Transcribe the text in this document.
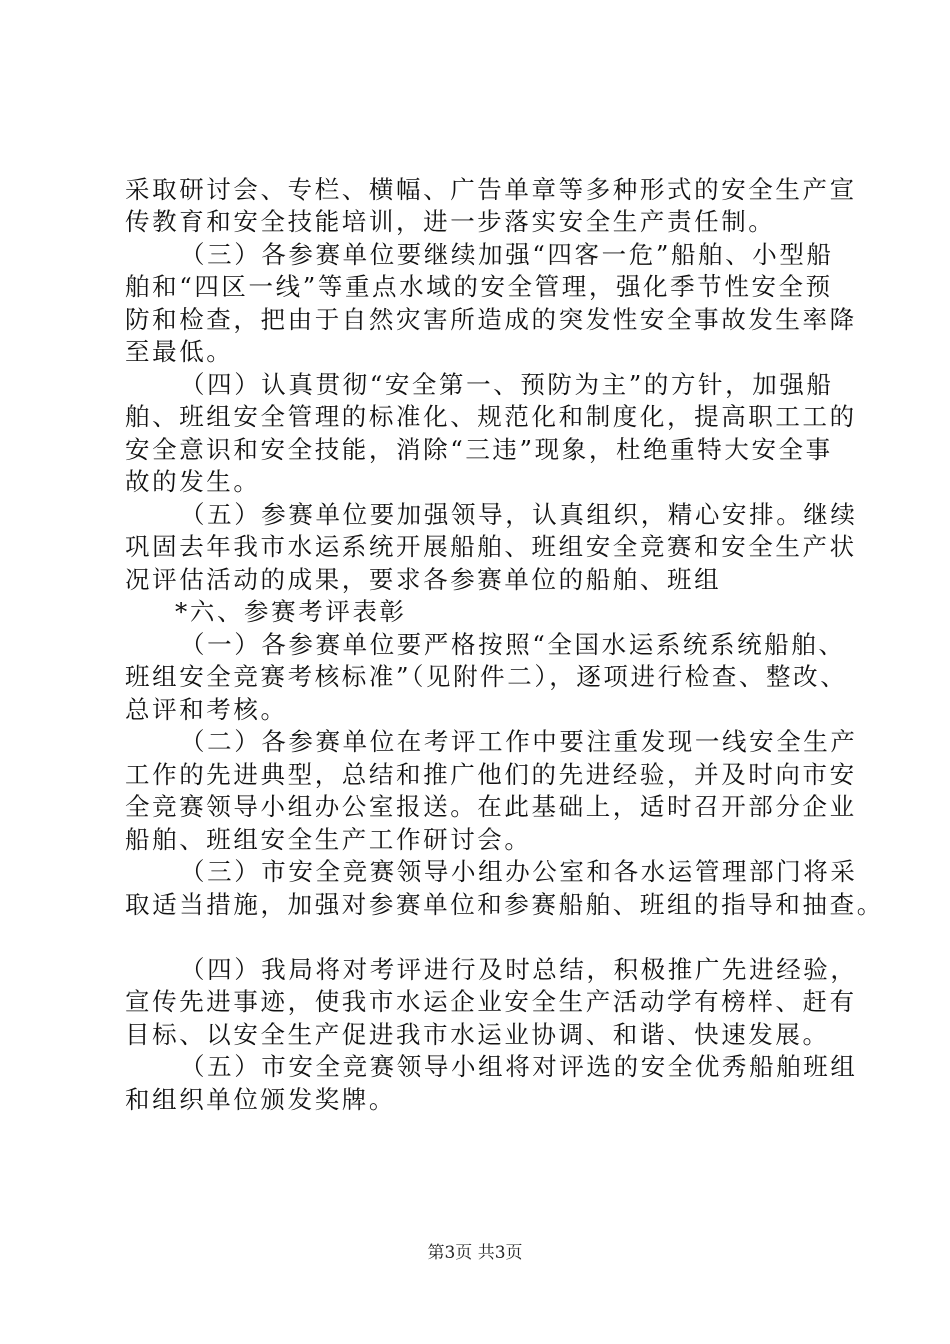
采取研讨会、专栏、横幅、广告单章等多种形式的安全生产宣
传教育和安全技能培训，进一步落实安全生产责任制。
（三）各参赛单位要继续加强“四客一危”船舶、小型船
舶和“四区一线”等重点水域的安全管理，强化季节性安全预
防和检查，把由于自然灾害所造成的突发性安全事故发生率降
至最低。
（四）认真贯彻“安全第一、预防为主”的方针，加强船
舶、班组安全管理的标准化、规范化和制度化，提高职工工的
安全意识和安全技能，消除“三违”现象，杜绝重特大安全事
故的发生。
（五）参赛单位要加强领导，认真组织，精心安排。继续
巩固去年我市水运系统开展船舶、班组安全竞赛和安全生产状
况评估活动的成果，要求各参赛单位的船舶、班组
*六、参赛考评表彰
（一）各参赛单位要严格按照“全国水运系统系统船舶、
班组安全竞赛考核标准”（见附件二），逐项进行检查、整改、
总评和考核。
（二）各参赛单位在考评工作中要注重发现一线安全生产
工作的先进典型，总结和推广他们的先进经验，并及时向市安
全竞赛领导小组办公室报送。在此基础上，适时召开部分企业
船舶、班组安全生产工作研讨会。
（三）市安全竞赛领导小组办公室和各水运管理部门将采
取适当措施，加强对参赛单位和参赛船舶、班组的指导和抽查。
（四）我局将对考评进行及时总结，积极推广先进经验，
宣传先进事迹，使我市水运企业安全生产活动学有榜样、赶有
目标、以安全生产促进我市水运业协调、和谐、快速发展。
（五）市安全竞赛领导小组将对评选的安全优秀船舶班组
和组织单位颁发奖牌。
第3页 共3页
